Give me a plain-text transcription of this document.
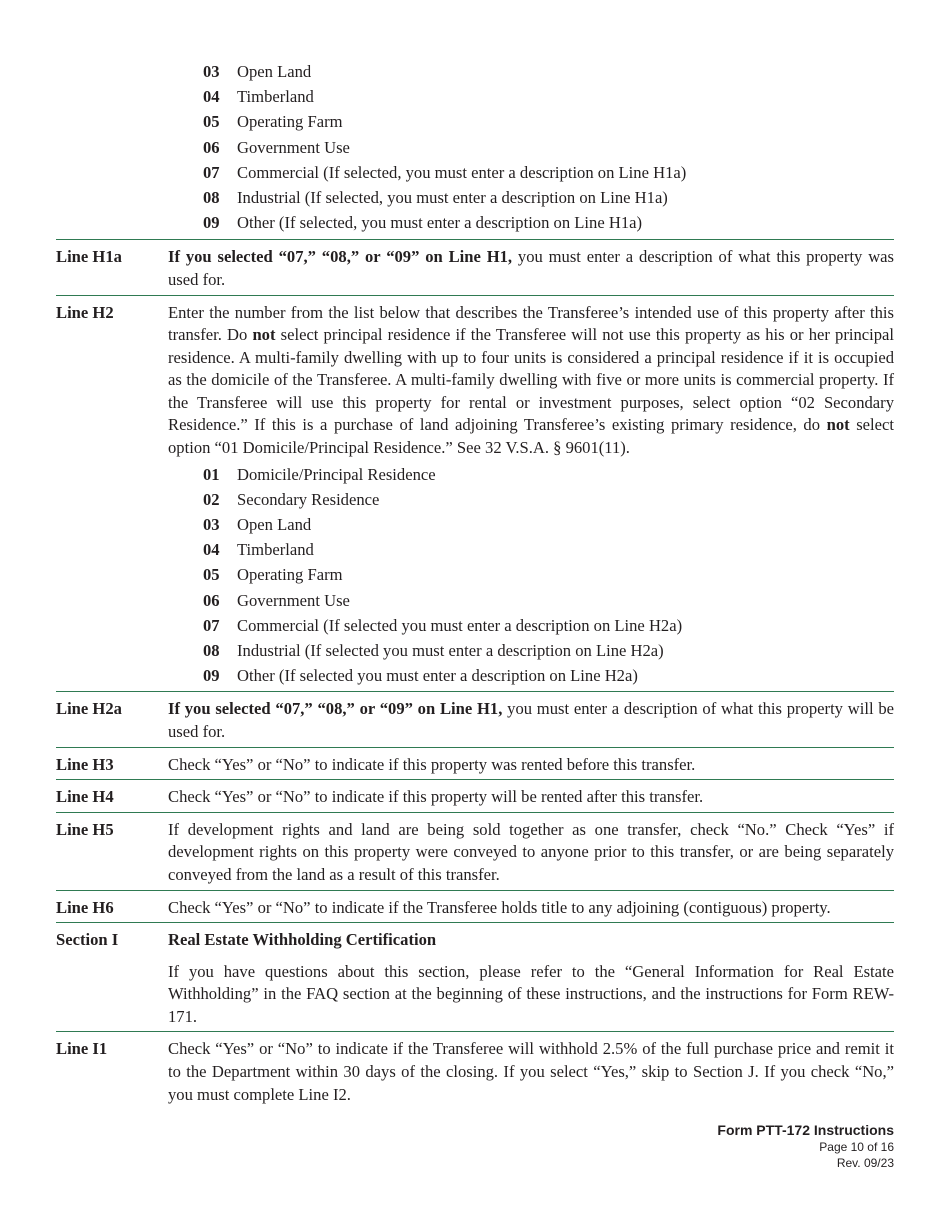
03	Open Land
04	Timberland
05	Operating Farm
06	Government Use
07	Commercial (If selected, you must enter a description on Line H1a)
08	Industrial (If selected, you must enter a description on Line H1a)
09	Other (If selected, you must enter a description on Line H1a)
Line H1a	If you selected “07,” “08,” or “09” on Line H1, you must enter a description of what this property was used for.
Line H2	Enter the number from the list below that describes the Transferee’s intended use of this property after this transfer. Do not select principal residence if the Transferee will not use this property as his or her principal residence. A multi-family dwelling with up to four units is considered a principal residence if it is occupied as the domicile of the Transferee. A multi-family dwelling with five or more units is commercial property. If the Transferee will use this property for rental or investment purposes, select option “02 Secondary Residence.” If this is a purchase of land adjoining Transferee’s existing primary residence, do not select option “01 Domicile/Principal Residence.” See 32 V.S.A. § 9601(11).

01	Domicile/Principal Residence
02	Secondary Residence
03	Open Land
04	Timberland
05	Operating Farm
06	Government Use
07	Commercial (If selected you must enter a description on Line H2a)
08	Industrial (If selected you must enter a description on Line H2a)
09	Other (If selected you must enter a description on Line H2a)
Line H2a	If you selected “07,” “08,” or “09” on Line H1, you must enter a description of what this property will be used for.
Line H3	Check “Yes” or “No” to indicate if this property was rented before this transfer.
Line H4	Check “Yes” or “No” to indicate if this property will be rented after this transfer.
Line H5	If development rights and land are being sold together as one transfer, check “No.” Check “Yes” if development rights on this property were conveyed to anyone prior to this transfer, or are being separately conveyed from the land as a result of this transfer.
Line H6	Check “Yes” or “No” to indicate if the Transferee holds title to any adjoining (contiguous) property.
Section I	Real Estate Withholding Certification

If you have questions about this section, please refer to the “General Information for Real Estate Withholding” in the FAQ section at the beginning of these instructions, and the instructions for Form REW-171.

Line I1	Check “Yes” or “No” to indicate if the Transferee will withhold 2.5% of the full purchase price and remit it to the Department within 30 days of the closing. If you select “Yes,” skip to Section J. If you check “No,” you must complete Line I2.
Form PTT-172 Instructions
Page 10 of 16
Rev. 09/23
